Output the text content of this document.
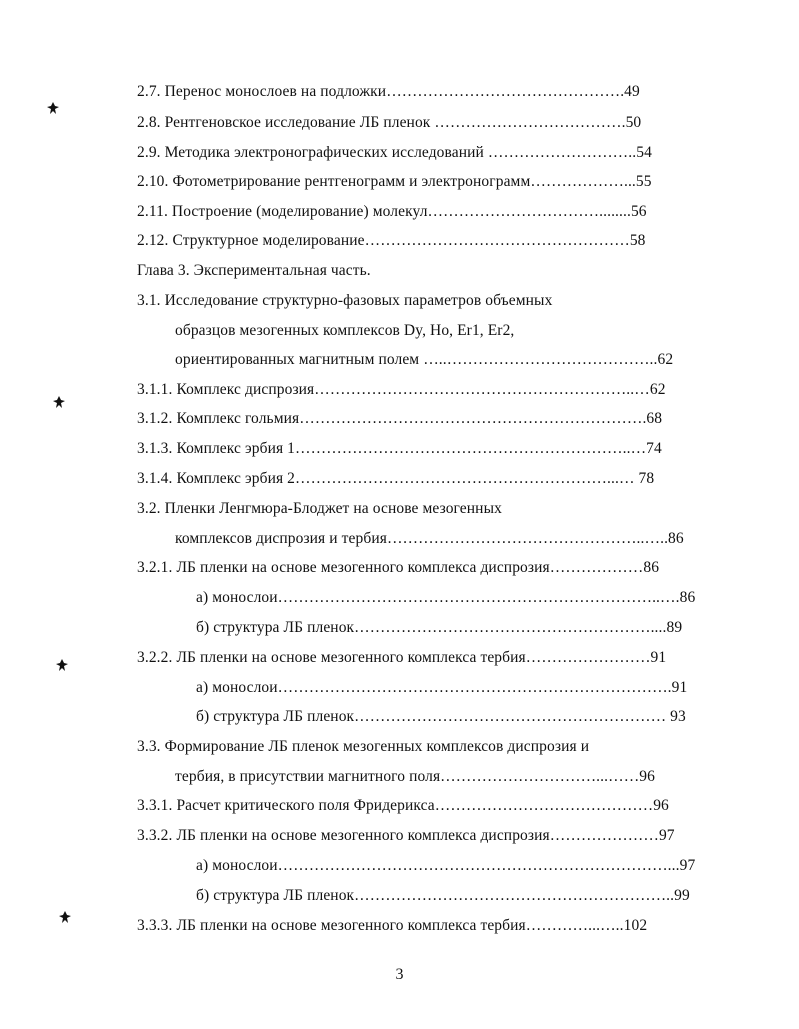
2.7. Перенос монослоев на подложки……………………………………….49
2.8. Рентгеновское исследование ЛБ пленок ……………………………….50
2.9. Методика электронографических исследований ………………………..54
2.10. Фотометрирование рентгенограмм и электронограмм………………...55
2.11. Построение (моделирование) молекул……………………………........56
2.12. Структурное моделирование……………………………………………58
Глава 3. Экспериментальная часть.
3.1. Исследование структурно-фазовых параметров объемных
образцов мезогенных комплексов Dy, Ho, Er1, Er2,
ориентированных магнитным полем …..…………………………………..62
3.1.1. Комплекс диспрозия……………………………………………………..…62
3.1.2. Комплекс гольмия………………………………………………………….68
3.1.3. Комплекс эрбия 1………………………………………………………..…74
3.1.4. Комплекс эрбия 2……………………………………………………...… 78
3.2. Пленки Ленгмюра-Блоджет на основе мезогенных
комплексов диспрозия и тербия…………………………………………..…..86
3.2.1. ЛБ пленки на основе мезогенного комплекса диспрозия………………86
а) монослои………………………………………………………………..….86
б) структура ЛБ пленок…………………………………………………....89
3.2.2. ЛБ пленки на основе мезогенного комплекса тербия……………………91
а) монослои………………………………………………………………….91
б) структура ЛБ пленок…………………………………………………… 93
3.3. Формирование ЛБ пленок мезогенных комплексов диспрозия и
тербия, в присутствии магнитного поля…………………………...……96
3.3.1. Расчет критического поля Фридерикса……………………………………96
3.3.2. ЛБ пленки на основе мезогенного комплекса диспрозия…………………97
а) монослои…………………………………………………………………...97
б) структура ЛБ пленок……………………………………………………..99
3.3.3. ЛБ пленки на основе мезогенного комплекса тербия…………...…..102
3
